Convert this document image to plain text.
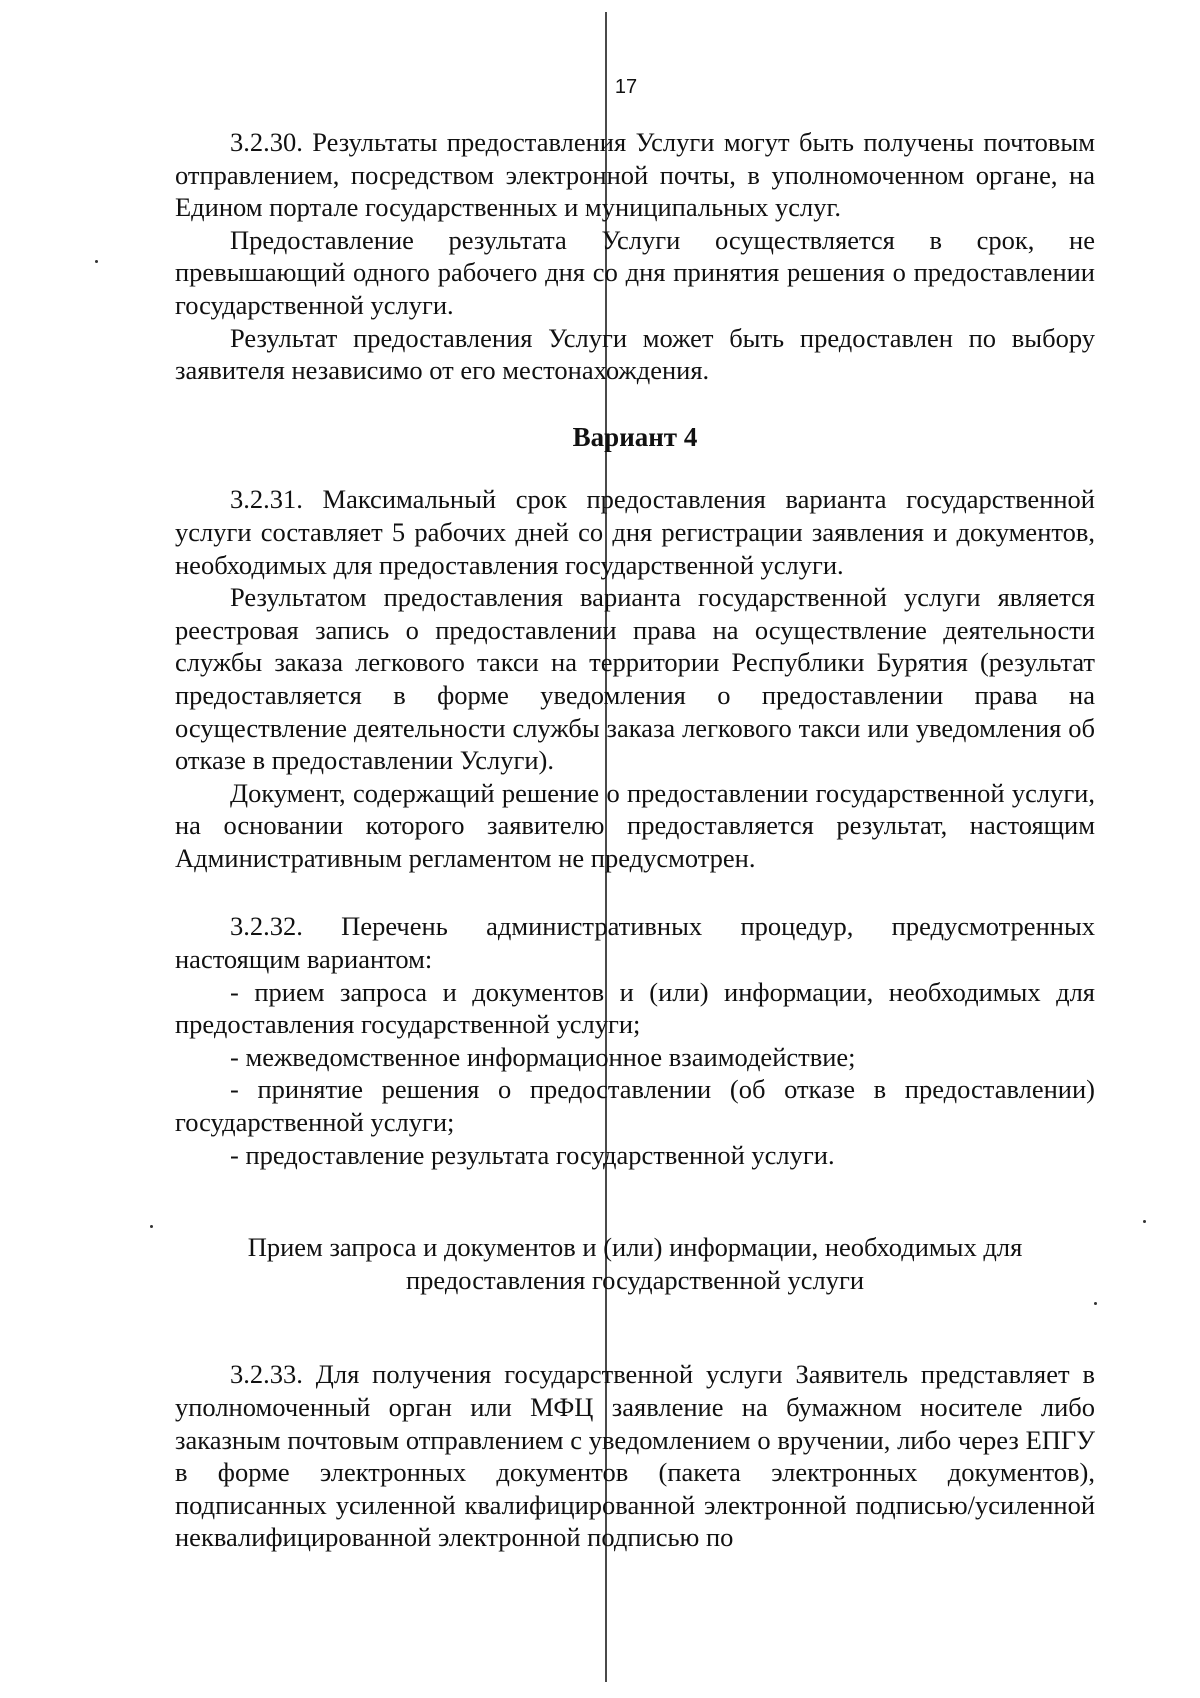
17

3.2.30. Результаты предоставления Услуги могут быть получены почтовым отправлением, посредством электронной почты, в уполномоченном органе, на Едином портале государственных и муниципальных услуг.

Предоставление результата Услуги осуществляется в срок, не превышающий одного рабочего дня со дня принятия решения о предоставлении государственной услуги.

Результат предоставления Услуги может быть предоставлен по выбору заявителя независимо от его местонахождения.

Вариант 4

3.2.31. Максимальный срок предоставления варианта государственной услуги составляет 5 рабочих дней со дня регистрации заявления и документов, необходимых для предоставления государственной услуги.

Результатом предоставления варианта государственной услуги является реестровая запись о предоставлении права на осуществление деятельности службы заказа легкового такси на территории Республики Бурятия (результат предоставляется в форме уведомления о предоставлении права на осуществление деятельности службы заказа легкового такси или уведомления об отказе в предоставлении Услуги).

Документ, содержащий решение о предоставлении государственной услуги, на основании которого заявителю предоставляется результат, настоящим Административным регламентом не предусмотрен.

3.2.32. Перечень административных процедур, предусмотренных настоящим вариантом:

- прием запроса и документов и (или) информации, необходимых для предоставления государственной услуги;

- межведомственное информационное взаимодействие;

- принятие решения о предоставлении (об отказе в предоставлении) государственной услуги;

- предоставление результата государственной услуги.

Прием запроса и документов и (или) информации, необходимых для предоставления государственной услуги

3.2.33. Для получения государственной услуги Заявитель представляет в уполномоченный орган или МФЦ заявление на бумажном носителе либо заказным почтовым отправлением с уведомлением о вручении, либо через ЕПГУ в форме электронных документов (пакета электронных документов), подписанных усиленной квалифицированной электронной подписью/усиленной неквалифицированной электронной подписью по
